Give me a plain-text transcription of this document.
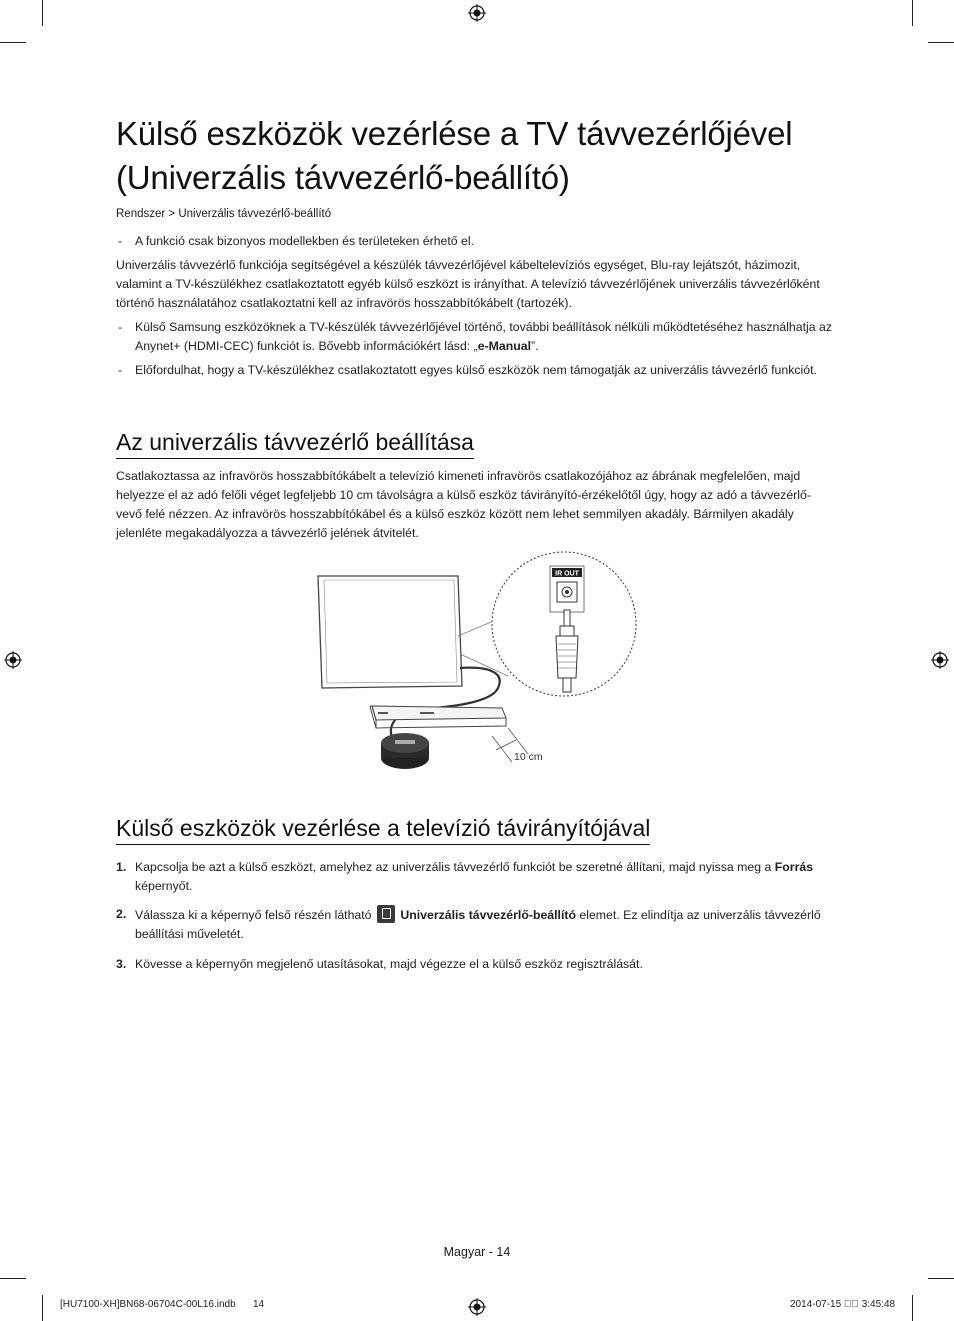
Külső eszközök vezérlése a TV távvezérlőjével
(Univerzális távvezérlő-beállító)
Rendszer > Univerzális távvezérlő-beállító
- A funkció csak bizonyos modellekben és területeken érhető el.
Univerzális távvezérlő funkciója segítségével a készülék távvezérlőjével kábeltelevíziós egységet, Blu-ray lejátszót, házimozit, valamint a TV-készülékhez csatlakoztatott egyéb külső eszközt is irányíthat. A televízió távvezérlőjének univerzális távvezérlőként történő használatához csatlakoztatni kell az infravörös hosszabbítókábelt (tartozék).
- Külső Samsung eszközöknek a TV-készülék távvezérlőjével történő, további beállítások nélküli működtetéséhez használhatja az Anynet+ (HDMI-CEC) funkciót is. Bővebb információkért lásd: „e-Manual”.
- Előfordulhat, hogy a TV-készülékhez csatlakoztatott egyes külső eszközök nem támogatják az univerzális távvezérlő funkciót.
Az univerzális távvezérlő beállítása
Csatlakoztassa az infravörös hosszabbítókábelt a televízió kimeneti infravörös csatlakozójához az ábrának megfelelően, majd helyezze el az adó felőli véget legfeljebb 10 cm távolságra a külső eszköz távirányító-érzékelőtől úgy, hogy az adó a távvezérlő-vevő felé nézzen. Az infravörös hosszabbítókábel és a külső eszköz között nem lehet semmilyen akadály. Bármilyen akadály jelenléte megakadályozza a távvezérlő jelének átvitelét.
IR OUT
10 cm
Külső eszközök vezérlése a televízió távirányítójával
1. Kapcsolja be azt a külső eszközt, amelyhez az univerzális távvezérlő funkciót be szeretné állítani, majd nyissa meg a Forrás képernyőt.
2. Válassza ki a képernyő felső részén látható  Univerzális távvezérlő-beállító elemet. Ez elindítja az univerzális távvezérlő beállítási műveletét.
3. Kövesse a képernyőn megjelenő utasításokat, majd végezze el a külső eszköz regisztrálását.
Magyar - 14
[HU7100-XH]BN68-06704C-00L16.indb 14	2014-07-15 ￿￿ 3:45:48
